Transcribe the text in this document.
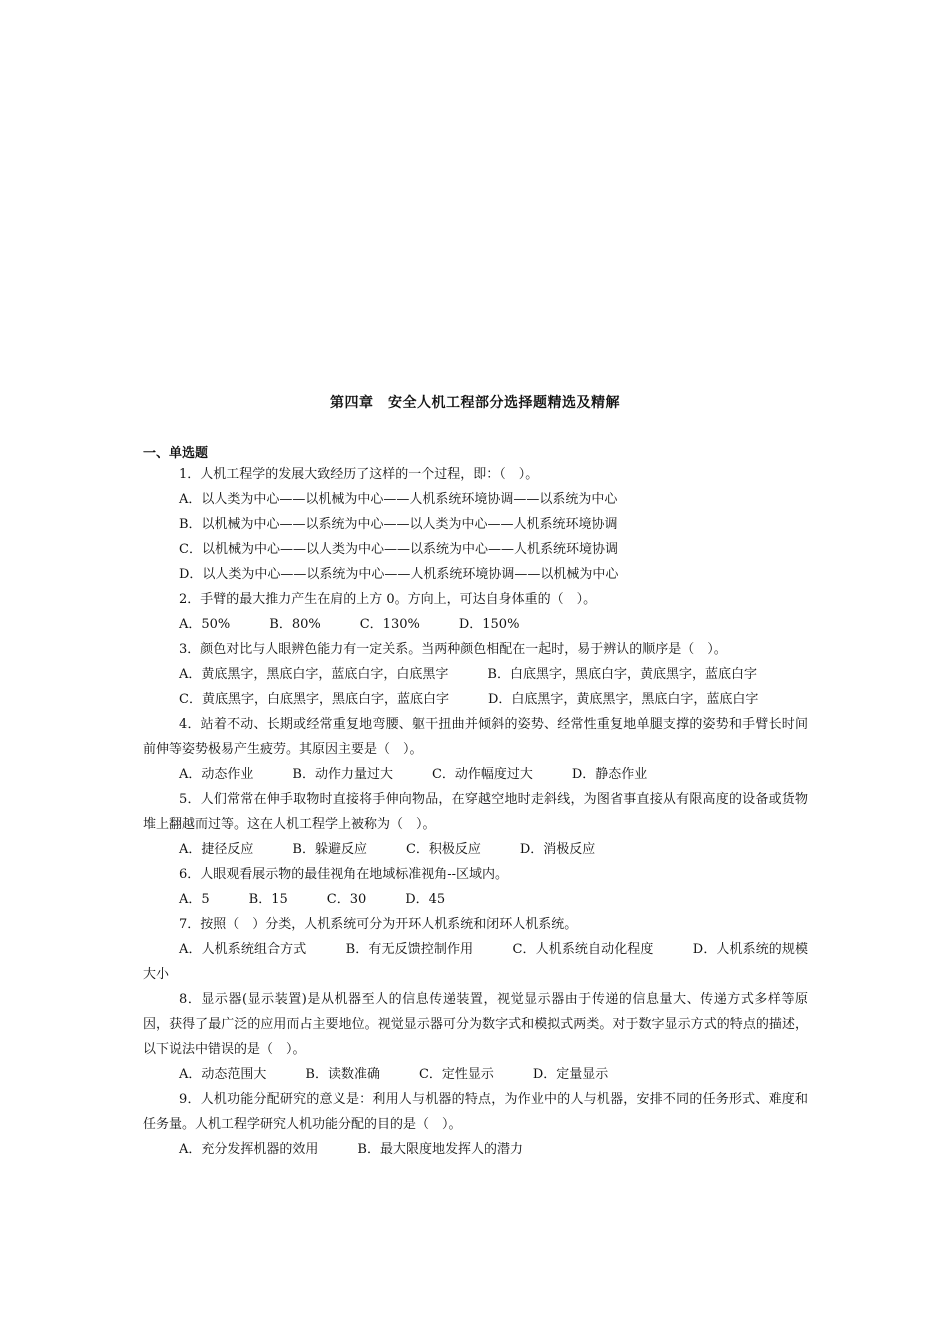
第四章　安全人机工程部分选择题精选及精解
一、单选题

1．人机工程学的发展大致经历了这样的一个过程，即：（　）。

A．以人类为中心——以机械为中心——人机系统环境协调——以系统为中心

B．以机械为中心——以系统为中心——以人类为中心——人机系统环境协调

C．以机械为中心——以人类为中心——以系统为中心——人机系统环境协调

D．以人类为中心——以系统为中心——人机系统环境协调——以机械为中心

2．手臂的最大推力产生在肩的上方 0。方向上，可达自身体重的（　）。

A．50%　　　B．80%　　　C．130%　　　D．150%

3．颜色对比与人眼辨色能力有一定关系。当两种颜色相配在一起时，易于辨认的顺序是（　）。

A．黄底黑字，黑底白字，蓝底白字，白底黑字　　　B．白底黑字，黑底白字，黄底黑字，蓝底白字

C．黄底黑字，白底黑字，黑底白字，蓝底白字　　　D．白底黑字，黄底黑字，黑底白字，蓝底白字

4．站着不动、长期或经常重复地弯腰、躯干扭曲并倾斜的姿势、经常性重复地单腿支撑的姿势和手臂长时间前伸等姿势极易产生疲劳。其原因主要是（　）。

A．动态作业　　　B．动作力量过大　　　C．动作幅度过大　　　D．静态作业

5．人们常常在伸手取物时直接将手伸向物品，在穿越空地时走斜线，为图省事直接从有限高度的设备或货物堆上翻越而过等。这在人机工程学上被称为（　）。

A．捷径反应　　　B．躲避反应　　　C．积极反应　　　D．消极反应

6．人眼观看展示物的最佳视角在地域标准视角--区域内。

A．5　　　B．15　　　C．30　　　D．45

7．按照（　）分类，人机系统可分为开环人机系统和闭环人机系统。

A．人机系统组合方式　　　B．有无反馈控制作用　　　C．人机系统自动化程度　　　D．人机系统的规模大小

8．显示器(显示装置)是从机器至人的信息传递装置，视觉显示器由于传递的信息量大、传递方式多样等原因，获得了最广泛的应用而占主要地位。视觉显示器可分为数字式和模拟式两类。对于数字显示方式的特点的描述，以下说法中错误的是（　）。

A．动态范围大　　　B．读数准确　　　C．定性显示　　　D．定量显示

9．人机功能分配研究的意义是：利用人与机器的特点，为作业中的人与机器，安排不同的任务形式、难度和任务量。人机工程学研究人机功能分配的目的是（　）。

A．充分发挥机器的效用　　　B．最大限度地发挥人的潜力
